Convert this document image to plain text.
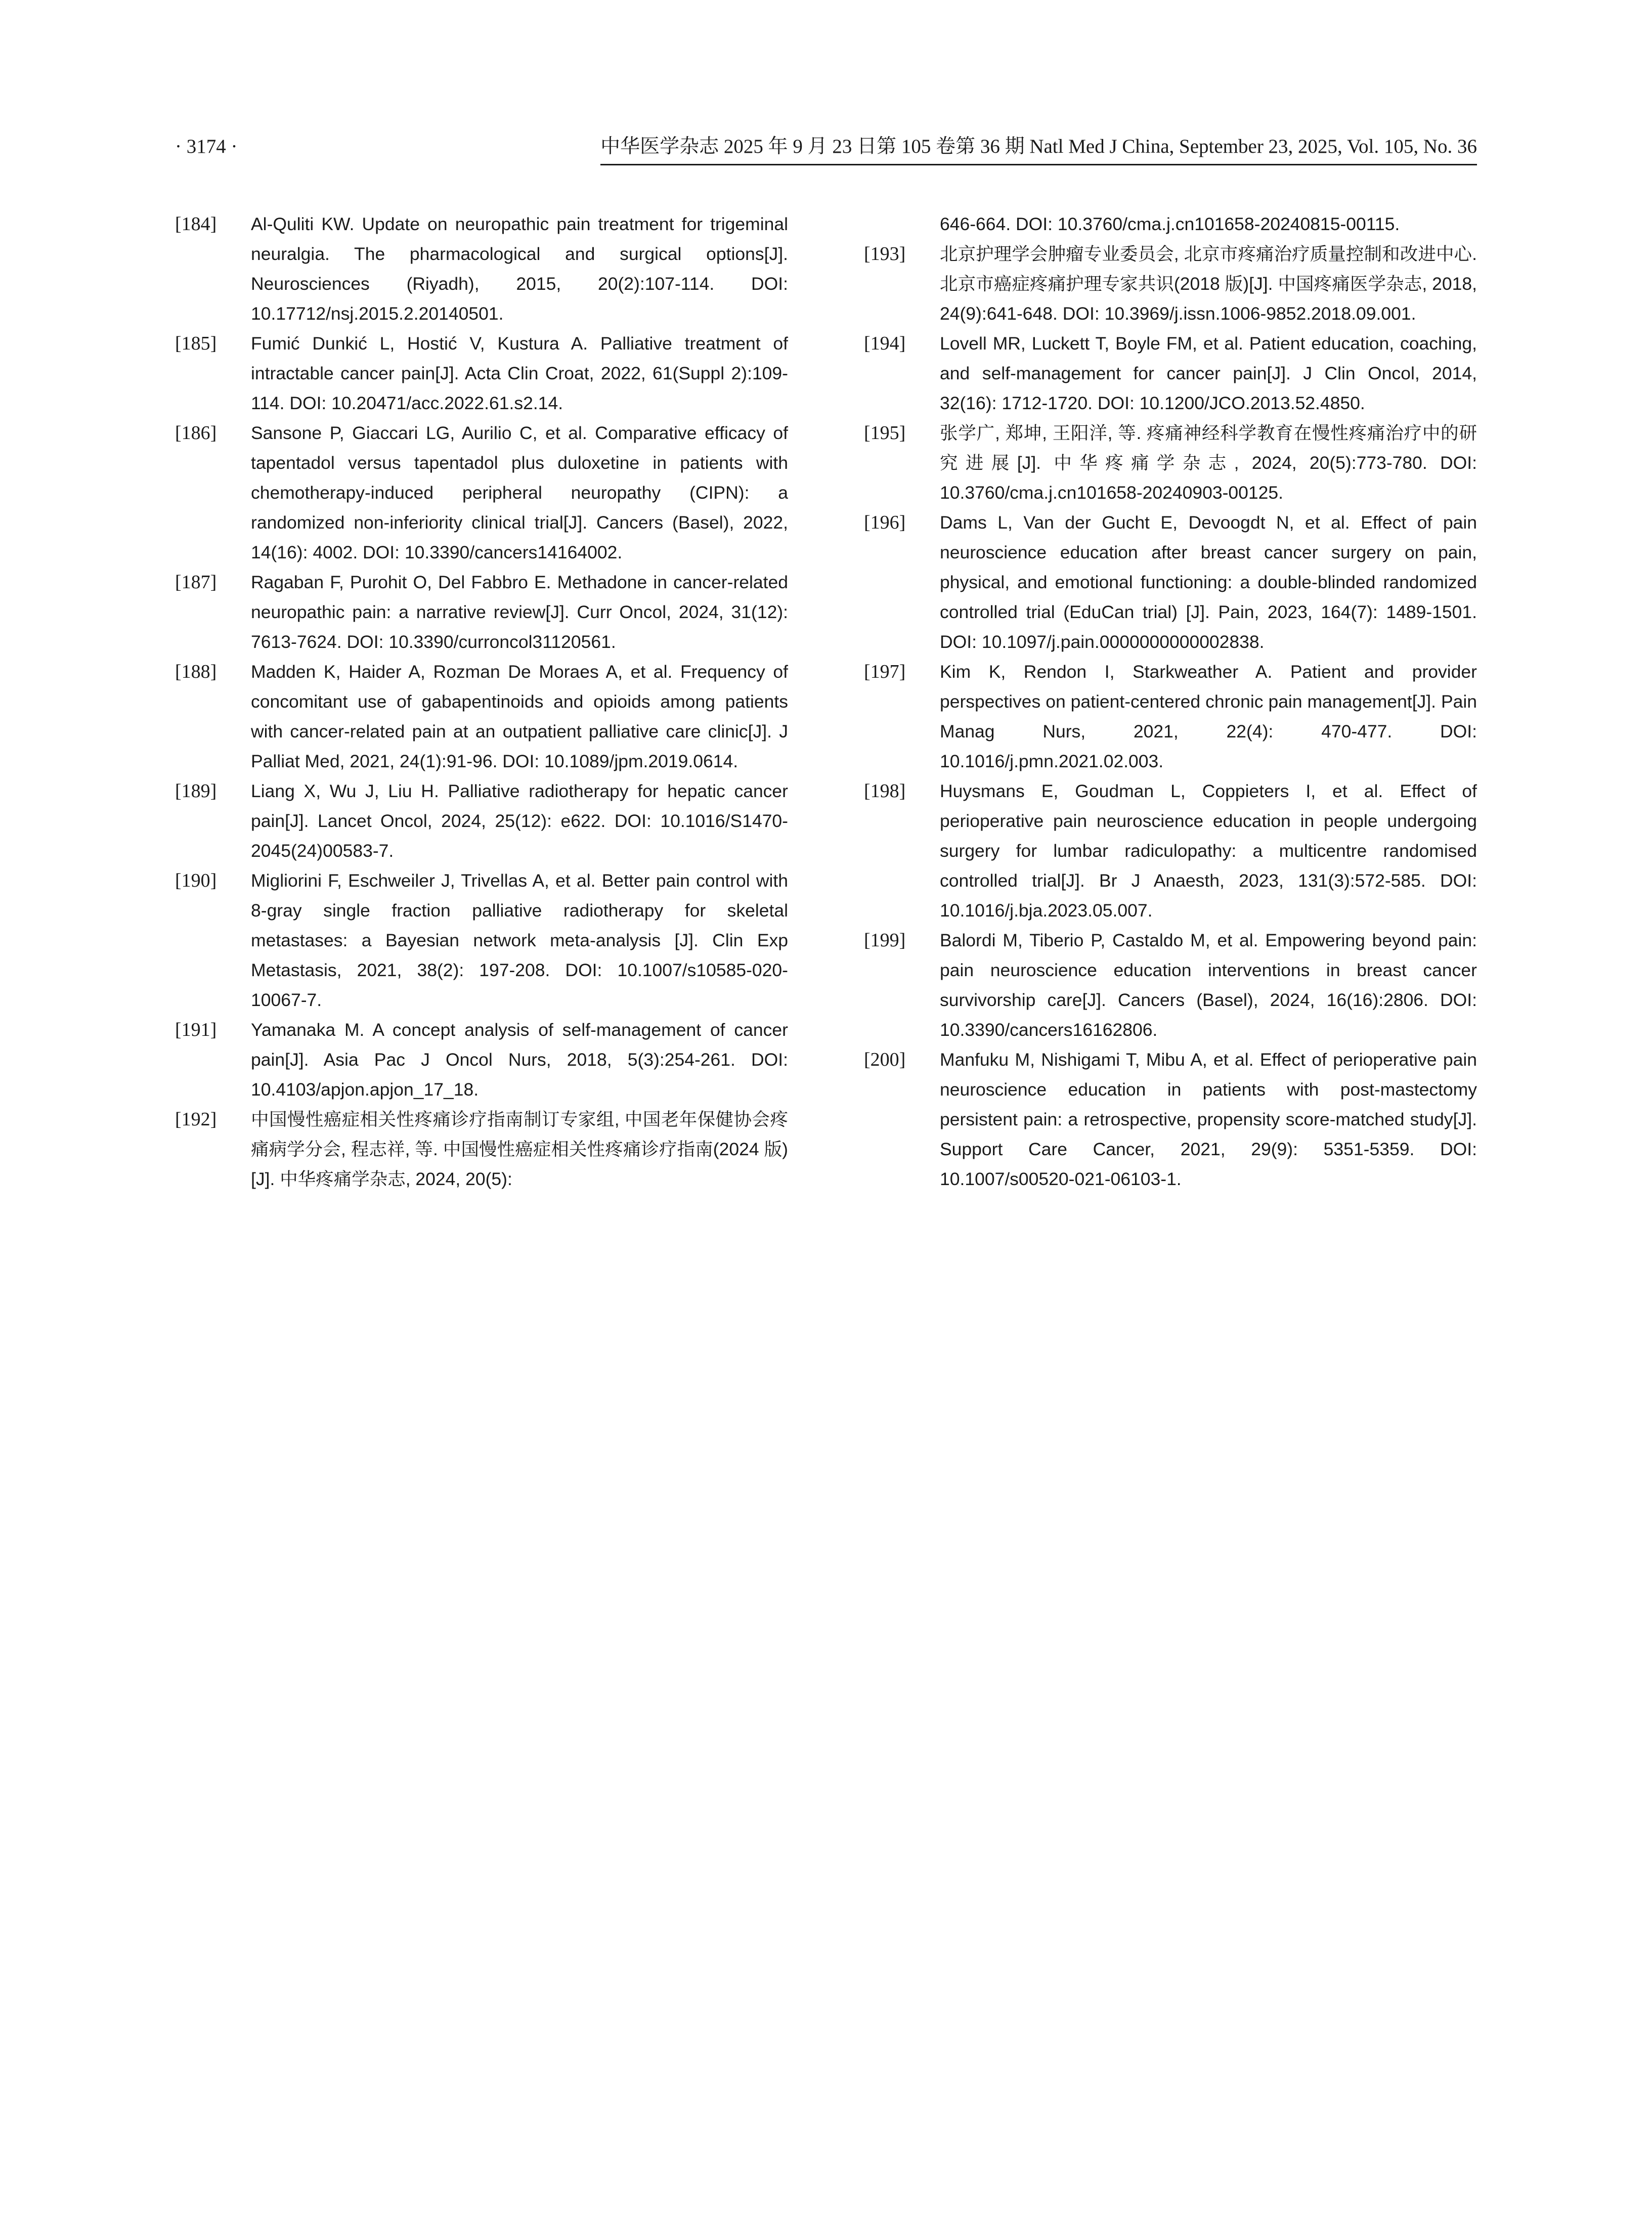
· 3174 ·	中华医学杂志 2025 年 9 月 23 日第 105 卷第 36 期 Natl Med J China, September 23, 2025, Vol. 105, No. 36
[184]	Al-Quliti KW. Update on neuropathic pain treatment for trigeminal neuralgia. The pharmacological and surgical options[J]. Neurosciences (Riyadh), 2015, 20(2):107-114. DOI: 10.17712/nsj.2015.2.20140501.
[185]	Fumić Dunkić L, Hostić V, Kustura A. Palliative treatment of intractable cancer pain[J]. Acta Clin Croat, 2022, 61(Suppl 2):109-114. DOI: 10.20471/acc.2022.61.s2.14.
[186]	Sansone P, Giaccari LG, Aurilio C, et al. Comparative efficacy of tapentadol versus tapentadol plus duloxetine in patients with chemotherapy-induced peripheral neuropathy (CIPN): a randomized non-inferiority clinical trial[J]. Cancers (Basel), 2022, 14(16): 4002. DOI: 10.3390/cancers14164002.
[187]	Ragaban F, Purohit O, Del Fabbro E. Methadone in cancer-related neuropathic pain: a narrative review[J]. Curr Oncol, 2024, 31(12): 7613-7624. DOI: 10.3390/curroncol31120561.
[188]	Madden K, Haider A, Rozman De Moraes A, et al. Frequency of concomitant use of gabapentinoids and opioids among patients with cancer-related pain at an outpatient palliative care clinic[J]. J Palliat Med, 2021, 24(1):91-96. DOI: 10.1089/jpm.2019.0614.
[189]	Liang X, Wu J, Liu H. Palliative radiotherapy for hepatic cancer pain[J]. Lancet Oncol, 2024, 25(12): e622. DOI: 10.1016/S1470-2045(24)00583-7.
[190]	Migliorini F, Eschweiler J, Trivellas A, et al. Better pain control with 8-gray single fraction palliative radiotherapy for skeletal metastases: a Bayesian network meta-analysis [J]. Clin Exp Metastasis, 2021, 38(2): 197-208. DOI: 10.1007/s10585-020-10067-7.
[191]	Yamanaka M. A concept analysis of self-management of cancer pain[J]. Asia Pac J Oncol Nurs, 2018, 5(3):254-261. DOI: 10.4103/apjon.apjon_17_18.
[192]	中国慢性癌症相关性疼痛诊疗指南制订专家组, 中国老年保健协会疼痛病学分会, 程志祥, 等. 中国慢性癌症相关性疼痛诊疗指南(2024 版)[J]. 中华疼痛学杂志, 2024, 20(5):
646-664. DOI: 10.3760/cma.j.cn101658-20240815-00115.
[193]	北京护理学会肿瘤专业委员会, 北京市疼痛治疗质量控制和改进中心. 北京市癌症疼痛护理专家共识(2018 版)[J]. 中国疼痛医学杂志, 2018, 24(9):641-648. DOI: 10.3969/j.issn.1006-9852.2018.09.001.
[194]	Lovell MR, Luckett T, Boyle FM, et al. Patient education, coaching, and self-management for cancer pain[J]. J Clin Oncol, 2014, 32(16): 1712-1720. DOI: 10.1200/JCO.2013.52.4850.
[195]	张学广, 郑坤, 王阳洋, 等. 疼痛神经科学教育在慢性疼痛治疗中的研究进展[J]. 中华疼痛学杂志, 2024, 20(5):773-780. DOI: 10.3760/cma.j.cn101658-20240903-00125.
[196]	Dams L, Van der Gucht E, Devoogdt N, et al. Effect of pain neuroscience education after breast cancer surgery on pain, physical, and emotional functioning: a double-blinded randomized controlled trial (EduCan trial) [J]. Pain, 2023, 164(7): 1489-1501. DOI: 10.1097/j.pain.0000000000002838.
[197]	Kim K, Rendon I, Starkweather A. Patient and provider perspectives on patient-centered chronic pain management[J]. Pain Manag Nurs, 2021, 22(4): 470-477. DOI: 10.1016/j.pmn.2021.02.003.
[198]	Huysmans E, Goudman L, Coppieters I, et al. Effect of perioperative pain neuroscience education in people undergoing surgery for lumbar radiculopathy: a multicentre randomised controlled trial[J]. Br J Anaesth, 2023, 131(3):572-585. DOI: 10.1016/j.bja.2023.05.007.
[199]	Balordi M, Tiberio P, Castaldo M, et al. Empowering beyond pain: pain neuroscience education interventions in breast cancer survivorship care[J]. Cancers (Basel), 2024, 16(16):2806. DOI: 10.3390/cancers16162806.
[200]	Manfuku M, Nishigami T, Mibu A, et al. Effect of perioperative pain neuroscience education in patients with post-mastectomy persistent pain: a retrospective, propensity score-matched study[J]. Support Care Cancer, 2021, 29(9): 5351-5359. DOI: 10.1007/s00520-021-06103-1.
